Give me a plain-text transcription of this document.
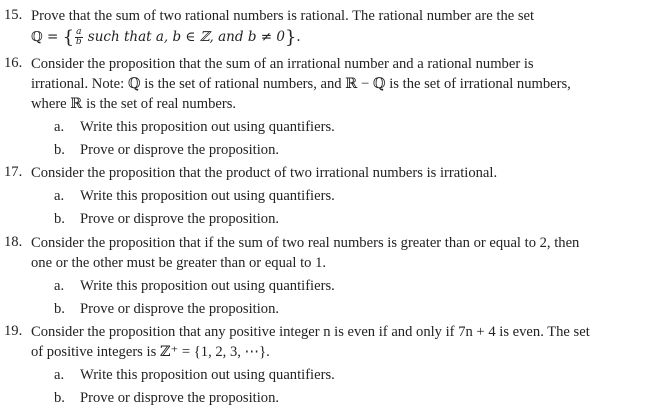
15. Prove that the sum of two rational numbers is rational. The rational number are the set
ℚ = { $\frac{a}{b}$ such that a, b ∈ ℤ, and b ≠ 0}.
16. Consider the proposition that the sum of an irrational number and a rational number is
irrational. Note: ℚ is the set of rational numbers, and ℝ − ℚ is the set of irrational numbers,
where ℝ is the set of real numbers.
a. Write this proposition out using quantifiers.
b. Prove or disprove the proposition.
17. Consider the proposition that the product of two irrational numbers is irrational.
a. Write this proposition out using quantifiers.
b. Prove or disprove the proposition.
18. Consider the proposition that if the sum of two real numbers is greater than or equal to 2, then
one or the other must be greater than or equal to 1.
a. Write this proposition out using quantifiers.
b. Prove or disprove the proposition.
19. Consider the proposition that any positive integer n is even if and only if 7n + 4 is even. The set
of positive integers is ℤ⁺ = {1, 2, 3, ⋯}.
a. Write this proposition out using quantifiers.
b. Prove or disprove the proposition.
